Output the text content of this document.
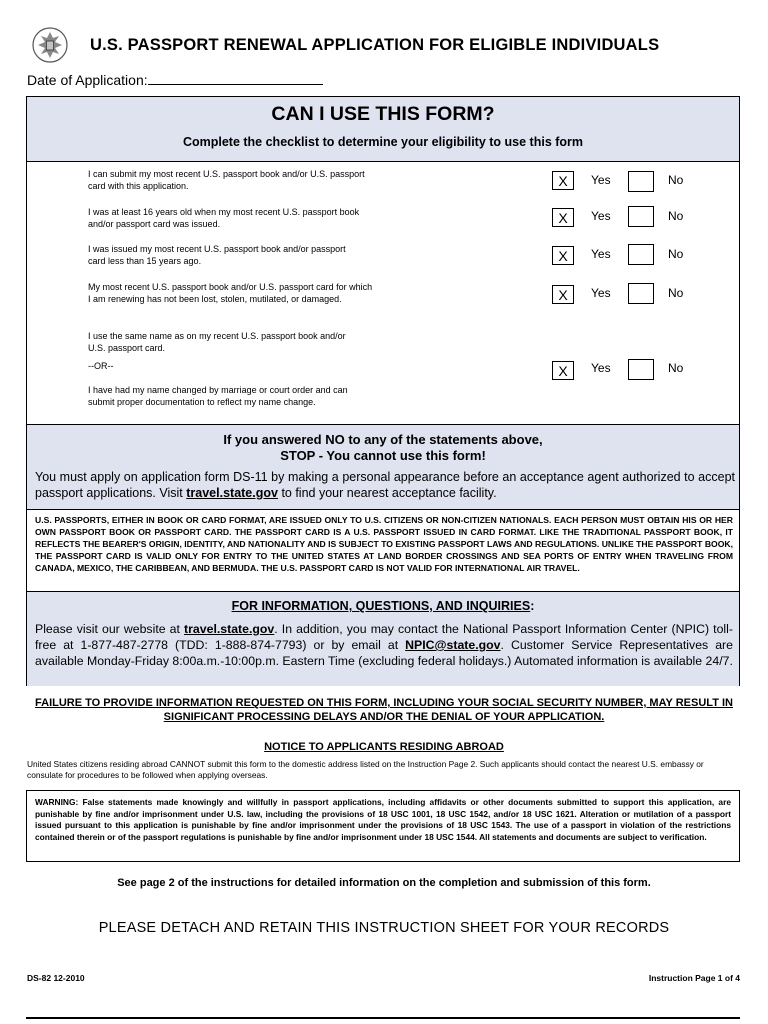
U.S. PASSPORT RENEWAL APPLICATION FOR ELIGIBLE INDIVIDUALS
Date of Application:
CAN I USE THIS FORM?
Complete the checklist to determine your eligibility to use this form
I can submit my most recent U.S. passport book and/or U.S. passport
card with this application.	X	Yes	No
I was at least 16 years old when my most recent U.S. passport book
and/or passport card was issued.	X	Yes	No
I was issued my most recent U.S. passport book and/or passport
card less than 15 years ago.	X	Yes	No
My most recent U.S. passport book and/or U.S. passport card for which
I am renewing has not been lost, stolen, mutilated, or damaged.	X	Yes	No
I use the same name as on my recent U.S. passport book and/or
U.S. passport card.
--OR--
I have had my name changed by marriage or court order and can
submit proper documentation to reflect my name change.
X	Yes	No
If you answered NO to any of the statements above,
STOP - You cannot use this form!
You must apply on application form DS-11 by making a personal appearance before an acceptance agent authorized to accept passport applications. Visit travel.state.gov to find your nearest acceptance facility.
U.S. PASSPORTS, EITHER IN BOOK OR CARD FORMAT, ARE ISSUED ONLY TO U.S. CITIZENS OR NON-CITIZEN NATIONALS. EACH PERSON MUST OBTAIN HIS OR HER OWN PASSPORT BOOK OR PASSPORT CARD. THE PASSPORT CARD IS A U.S. PASSPORT ISSUED IN CARD FORMAT. LIKE THE TRADITIONAL PASSPORT BOOK, IT REFLECTS THE BEARER'S ORIGIN, IDENTITY, AND NATIONALITY AND IS SUBJECT TO EXISTING PASSPORT LAWS AND REGULATIONS. UNLIKE THE PASSPORT BOOK, THE PASSPORT CARD IS VALID ONLY FOR ENTRY TO THE UNITED STATES AT LAND BORDER CROSSINGS AND SEA PORTS OF ENTRY WHEN TRAVELING FROM CANADA, MEXICO, THE CARIBBEAN, AND BERMUDA. THE U.S. PASSPORT CARD IS NOT VALID FOR INTERNATIONAL AIR TRAVEL.
FOR INFORMATION, QUESTIONS, AND INQUIRIES:
Please visit our website at travel.state.gov. In addition, you may contact the National Passport Information Center (NPIC) toll-free at 1-877-487-2778 (TDD: 1-888-874-7793) or by email at NPIC@state.gov. Customer Service Representatives are available Monday-Friday 8:00a.m.-10:00p.m. Eastern Time (excluding federal holidays.) Automated information is available 24/7.
FAILURE TO PROVIDE INFORMATION REQUESTED ON THIS FORM, INCLUDING YOUR SOCIAL SECURITY NUMBER, MAY RESULT IN SIGNIFICANT PROCESSING DELAYS AND/OR THE DENIAL OF YOUR APPLICATION.
NOTICE TO APPLICANTS RESIDING ABROAD
United States citizens residing abroad CANNOT submit this form to the domestic address listed on the Instruction Page 2. Such applicants should contact the nearest U.S. embassy or consulate for procedures to be followed when applying overseas.
WARNING: False statements made knowingly and willfully in passport applications, including affidavits or other documents submitted to support this application, are punishable by fine and/or imprisonment under U.S. law, including the provisions of 18 USC 1001, 18 USC 1542, and/or 18 USC 1621. Alteration or mutilation of a passport issued pursuant to this application is punishable by fine and/or imprisonment under the provisions of 18 USC 1543. The use of a passport in violation of the restrictions contained therein or of the passport regulations is punishable by fine and/or imprisonment under 18 USC 1544. All statements and documents are subject to verification.
See page 2 of the instructions for detailed information on the completion and submission of this form.
PLEASE DETACH AND RETAIN THIS INSTRUCTION SHEET FOR YOUR RECORDS
DS-82 12-2010	Instruction Page 1 of 4
